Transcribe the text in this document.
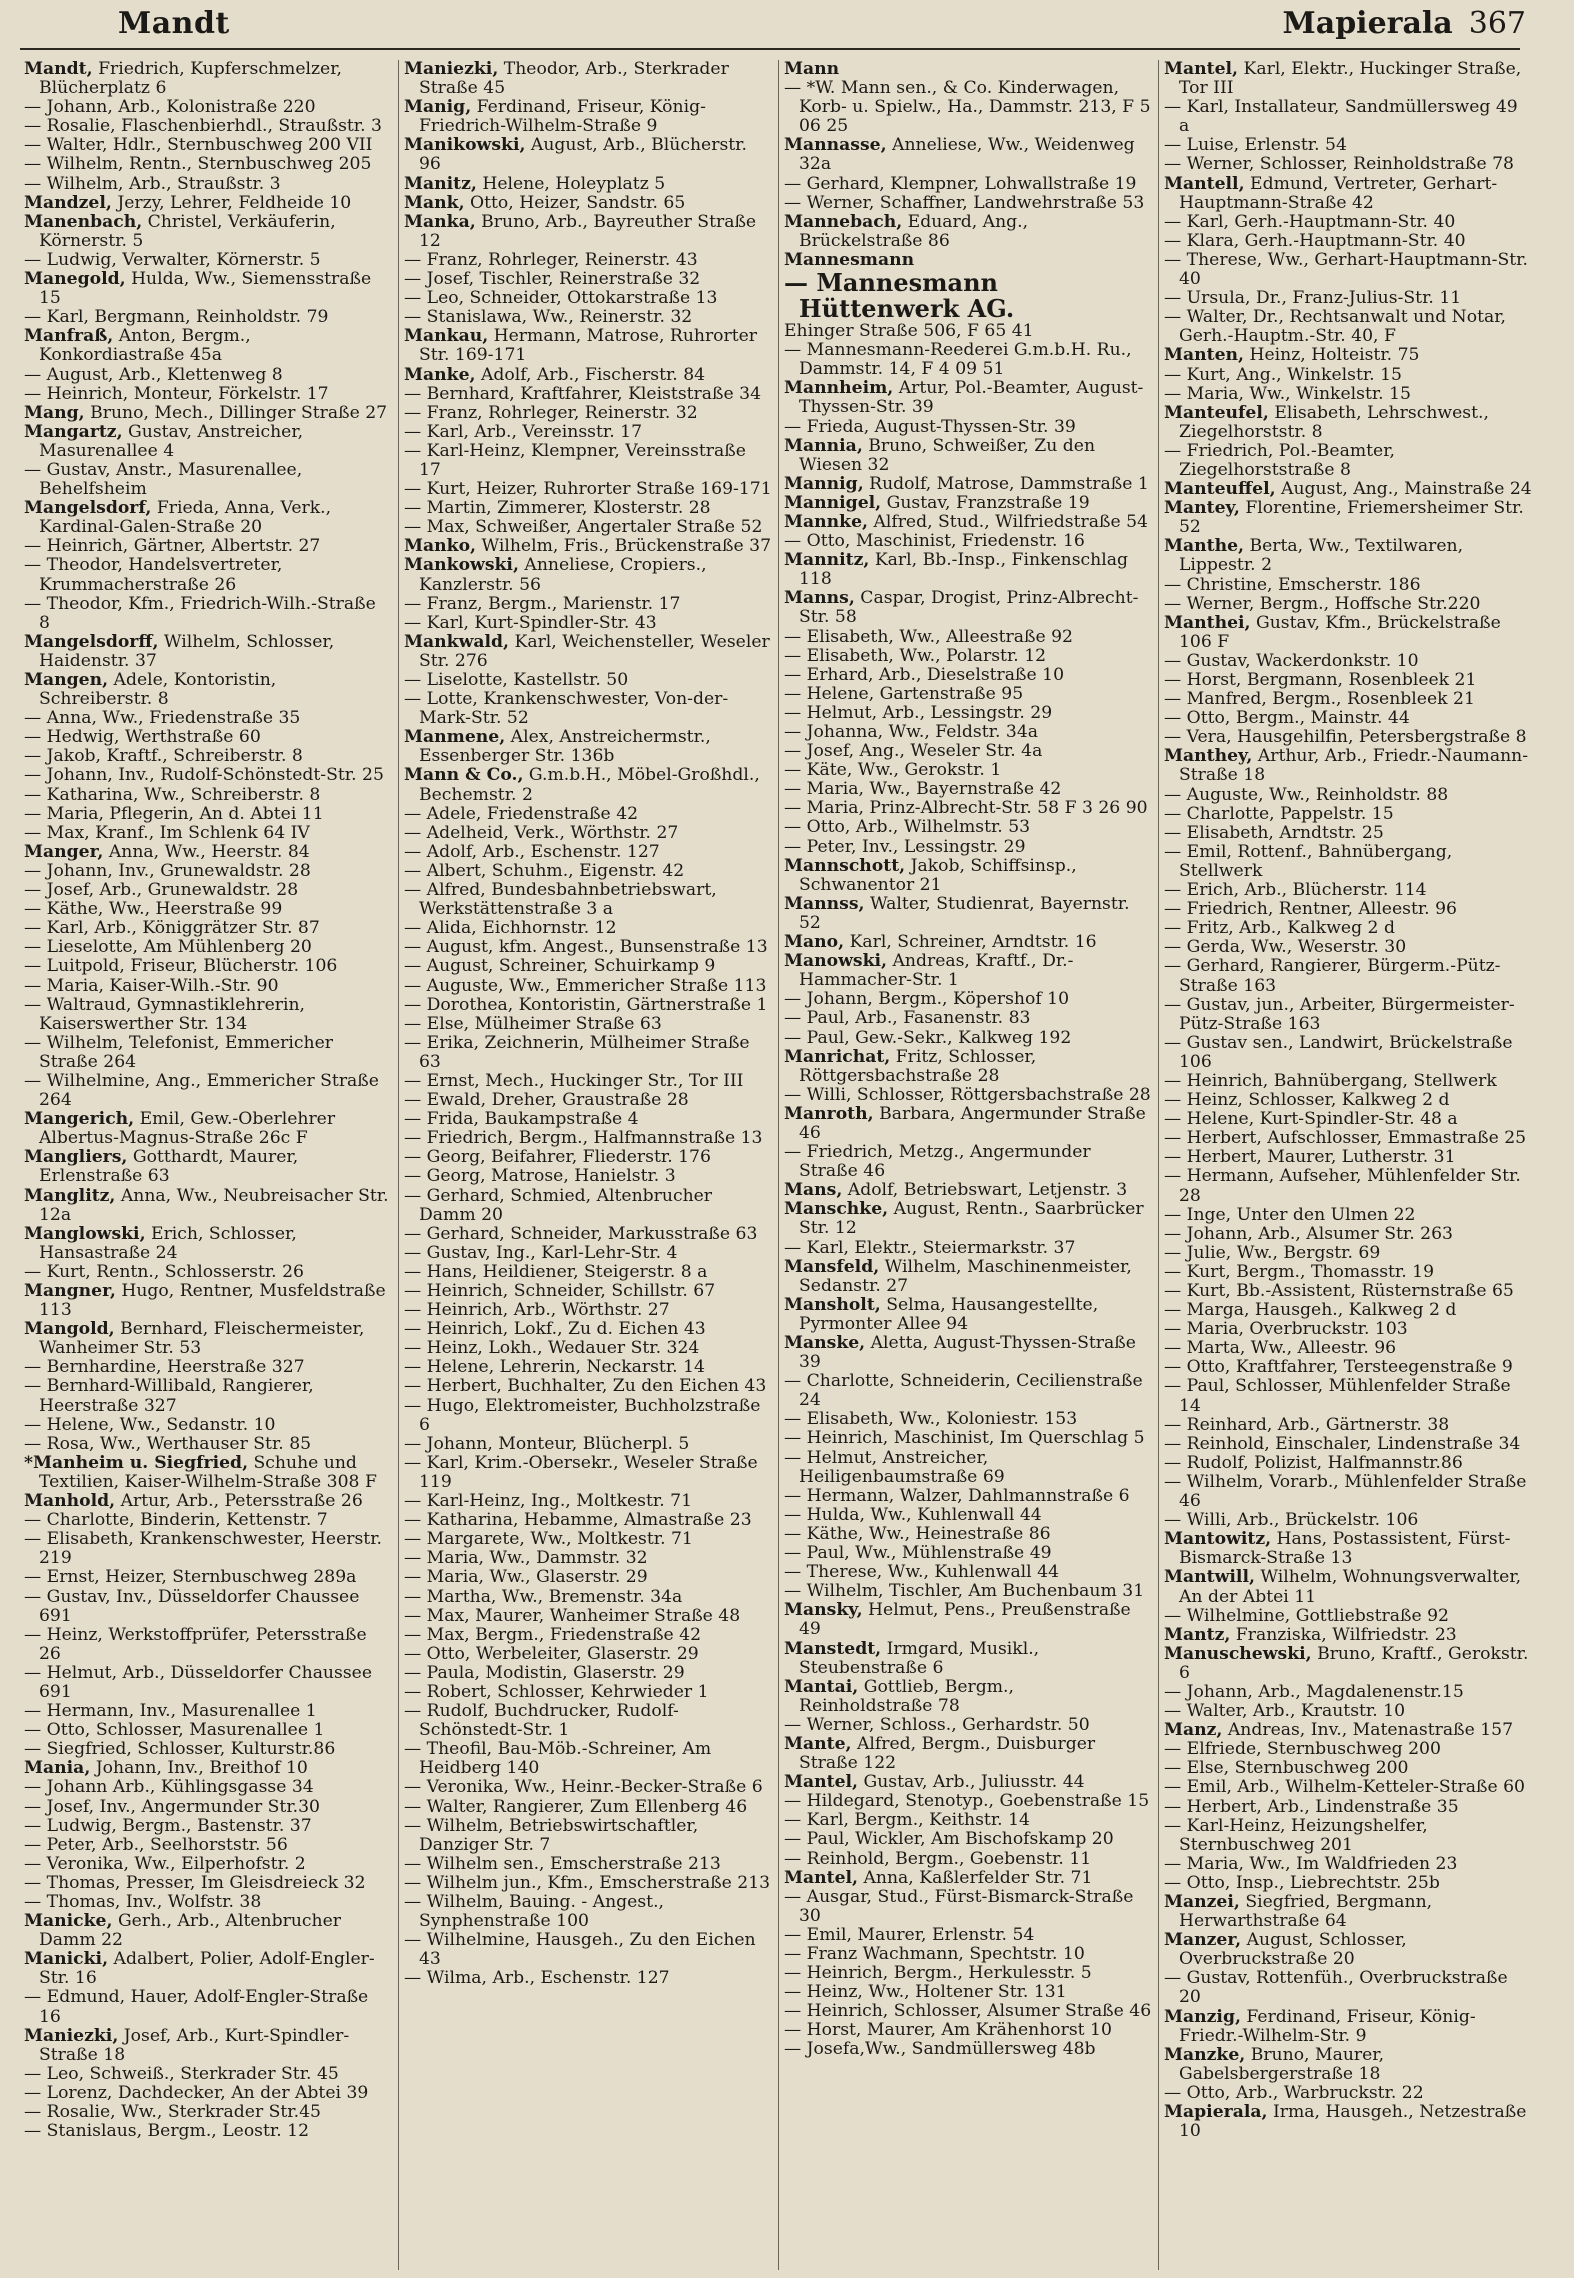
Mandt	Mapierala 367
Mandt, Friedrich, Kupferschmelzer, Blücherplatz 6
— Johann, Arb., Kolonistraße 220
— Rosalie, Flaschenbierhdl., Straußstr. 3
— Walter, Hdlr., Sternbuschweg 200 VII
— Wilhelm, Rentn., Sternbuschweg 205
— Wilhelm, Arb., Straußstr. 3
Mandzel, Jerzy, Lehrer, Feldheide 10
Manenbach, Christel, Verkäuferin, Körnerstr. 5
— Ludwig, Verwalter, Körnerstr. 5
Manegold, Hulda, Ww., Siemensstraße 15
— Karl, Bergmann, Reinholdstr. 79
Manfraß, Anton, Bergm., Konkordiastraße 45a
— August, Arb., Klettenweg 8
— Heinrich, Monteur, Förkelstr. 17
Mang, Bruno, Mech., Dillinger Straße 27
Mangartz, Gustav, Anstreicher, Masurenallee 4
— Gustav, Anstr., Masurenallee, Behelfsheim
Mangelsdorf, Frieda, Anna, Verk., Kardinal-Galen-Straße 20
— Heinrich, Gärtner, Albertstr. 27
— Theodor, Handelsvertreter, Krummacherstraße 26
— Theodor, Kfm., Friedrich-Wilh.-Straße 8
Mangelsdorff, Wilhelm, Schlosser, Haidenstr. 37
Mangen, Adele, Kontoristin, Schreiberstr. 8
— Anna, Ww., Friedenstraße 35
— Hedwig, Werthstraße 60
— Jakob, Kraftf., Schreiberstr. 8
— Johann, Inv., Rudolf-Schönstedt-Str. 25
— Katharina, Ww., Schreiberstr. 8
— Maria, Pflegerin, An d. Abtei 11
— Max, Kranf., Im Schlenk 64 IV
Manger, Anna, Ww., Heerstr. 84
— Johann, Inv., Grunewaldstr. 28
— Josef, Arb., Grunewaldstr. 28
— Käthe, Ww., Heerstraße 99
— Karl, Arb., Königgrätzer Str. 87
— Lieselotte, Am Mühlenberg 20
— Luitpold, Friseur, Blücherstr. 106
— Maria, Kaiser-Wilh.-Str. 90
— Waltraud, Gymnastiklehrerin, Kaiserswerther Str. 134
— Wilhelm, Telefonist, Emmericher Straße 264
— Wilhelmine, Ang., Emmericher Straße 264
Mangerich, Emil, Gew.-Oberlehrer Albertus-Magnus-Straße 26c F
Mangliers, Gotthardt, Maurer, Erlenstraße 63
Manglitz, Anna, Ww., Neubreisacher Str. 12a
Manglowski, Erich, Schlosser, Hansastraße 24
— Kurt, Rentn., Schlosserstr. 26
Mangner, Hugo, Rentner, Musfeldstraße 113
Mangold, Bernhard, Fleischermeister, Wanheimer Str. 53
— Bernhardine, Heerstraße 327
— Bernhard-Willibald, Rangierer, Heerstraße 327
— Helene, Ww., Sedanstr. 10
— Rosa, Ww., Werthauser Str. 85
*Manheim u. Siegfried, Schuhe und Textilien, Kaiser-Wilhelm-Straße 308 F
Manhold, Artur, Arb., Petersstraße 26
— Charlotte, Binderin, Kettenstr. 7
— Elisabeth, Krankenschwester, Heerstr. 219
— Ernst, Heizer, Sternbuschweg 289a
— Gustav, Inv., Düsseldorfer Chaussee 691
— Heinz, Werkstoffprüfer, Petersstraße 26
— Helmut, Arb., Düsseldorfer Chaussee 691
— Hermann, Inv., Masurenallee 1
— Otto, Schlosser, Masurenallee 1
— Siegfried, Schlosser, Kulturstr.86
Mania, Johann, Inv., Breithof 10
— Johann Arb., Kühlingsgasse 34
— Josef, Inv., Angermunder Str.30
— Ludwig, Bergm., Bastenstr. 37
— Peter, Arb., Seelhorststr. 56
— Veronika, Ww., Eilperhofstr. 2
— Thomas, Presser, Im Gleisdreieck 32
— Thomas, Inv., Wolfstr. 38
Manicke, Gerh., Arb., Altenbrucher Damm 22
Manicki, Adalbert, Polier, Adolf-Engler-Str. 16
— Edmund, Hauer, Adolf-Engler-Straße 16
Maniezki, Josef, Arb., Kurt-Spindler-Straße 18
— Leo, Schweiß., Sterkrader Str. 45
— Lorenz, Dachdecker, An der Abtei 39
— Rosalie, Ww., Sterkrader Str.45
— Stanislaus, Bergm., Leostr. 12
Maniezki, Theodor, Arb., Sterkrader Straße 45
Manig, Ferdinand, Friseur, König-Friedrich-Wilhelm-Straße 9
Manikowski, August, Arb., Blücherstr. 96
Manitz, Helene, Holeyplatz 5
Mank, Otto, Heizer, Sandstr. 65
Manka, Bruno, Arb., Bayreuther Straße 12
— Franz, Rohrleger, Reinerstr. 43
— Josef, Tischler, Reinerstraße 32
— Leo, Schneider, Ottokarstraße 13
— Stanislawa, Ww., Reinerstr. 32
Mankau, Hermann, Matrose, Ruhrorter Str. 169-171
Manke, Adolf, Arb., Fischerstr. 84
— Bernhard, Kraftfahrer, Kleiststraße 34
— Franz, Rohrleger, Reinerstr. 32
— Karl, Arb., Vereinsstr. 17
— Karl-Heinz, Klempner, Vereinsstraße 17
— Kurt, Heizer, Ruhrorter Straße 169-171
— Martin, Zimmerer, Klosterstr. 28
— Max, Schweißer, Angertaler Straße 52
Manko, Wilhelm, Fris., Brückenstraße 37
Mankowski, Anneliese, Cropiers., Kanzlerstr. 56
— Franz, Bergm., Marienstr. 17
— Karl, Kurt-Spindler-Str. 43
Mankwald, Karl, Weichensteller, Weseler Str. 276
— Liselotte, Kastellstr. 50
— Lotte, Krankenschwester, Von-der-Mark-Str. 52
Manmene, Alex, Anstreichermstr., Essenberger Str. 136b
Mann & Co., G.m.b.H., Möbel-Großhdl., Bechemstr. 2
— Adele, Friedenstraße 42
— Adelheid, Verk., Wörthstr. 27
— Adolf, Arb., Eschenstr. 127
— Albert, Schuhm., Eigenstr. 42
— Alfred, Bundesbahnbetriebswart, Werkstättenstraße 3 a
— Alida, Eichhornstr. 12
— August, kfm. Angest., Bunsenstraße 13
— August, Schreiner, Schuirkamp 9
— Auguste, Ww., Emmericher Straße 113
— Dorothea, Kontoristin, Gärtnerstraße 1
— Else, Mülheimer Straße 63
— Erika, Zeichnerin, Mülheimer Straße 63
— Ernst, Mech., Huckinger Str., Tor III
— Ewald, Dreher, Graustraße 28
— Frida, Baukampstraße 4
— Friedrich, Bergm., Halfmannstraße 13
— Georg, Beifahrer, Fliederstr. 176
— Georg, Matrose, Hanielstr. 3
— Gerhard, Schmied, Altenbrucher Damm 20
— Gerhard, Schneider, Markusstraße 63
— Gustav, Ing., Karl-Lehr-Str. 4
— Hans, Heildiener, Steigerstr. 8 a
— Heinrich, Schneider, Schillstr. 67
— Heinrich, Arb., Wörthstr. 27
— Heinrich, Lokf., Zu d. Eichen 43
— Heinz, Lokh., Wedauer Str. 324
— Helene, Lehrerin, Neckarstr. 14
— Herbert, Buchhalter, Zu den Eichen 43
— Hugo, Elektromeister, Buchholzstraße 6
— Johann, Monteur, Blücherpl. 5
— Karl, Krim.-Obersekr., Weseler Straße 119
— Karl-Heinz, Ing., Moltkestr. 71
— Katharina, Hebamme, Almastraße 23
— Margarete, Ww., Moltkestr. 71
— Maria, Ww., Dammstr. 32
— Maria, Ww., Glaserstr. 29
— Martha, Ww., Bremenstr. 34a
— Max, Maurer, Wanheimer Straße 48
— Max, Bergm., Friedenstraße 42
— Otto, Werbeleiter, Glaserstr. 29
— Paula, Modistin, Glaserstr. 29
— Robert, Schlosser, Kehrwieder 1
— Rudolf, Buchdrucker, Rudolf-Schönstedt-Str. 1
— Theofil, Bau-Möb.-Schreiner, Am Heidberg 140
— Veronika, Ww., Heinr.-Becker-Straße 6
— Walter, Rangierer, Zum Ellenberg 46
— Wilhelm, Betriebswirtschaftler, Danziger Str. 7
— Wilhelm sen., Emscherstraße 213
— Wilhelm jun., Kfm., Emscherstraße 213
— Wilhelm, Bauing. - Angest., Synphenstraße 100
— Wilhelmine, Hausgeh., Zu den Eichen 43
— Wilma, Arb., Eschenstr. 127
Mann
— *W. Mann sen., & Co. Kinderwagen, Korb- u. Spielw., Ha., Dammstr. 213, F 5 06 25
Mannasse, Anneliese, Ww., Weidenweg 32a
— Gerhard, Klempner, Lohwallstraße 19
— Werner, Schaffner, Landwehrstraße 53
Mannebach, Eduard, Ang., Brückelstraße 86
Mannesmann
— Mannesmann Hüttenwerk AG.
Ehinger Straße 506, F 65 41
— Mannesmann-Reederei G.m.b.H. Ru., Dammstr. 14, F 4 09 51
Mannheim, Artur, Pol.-Beamter, August-Thyssen-Str. 39
— Frieda, August-Thyssen-Str. 39
Mannia, Bruno, Schweißer, Zu den Wiesen 32
Mannig, Rudolf, Matrose, Dammstraße 1
Mannigel, Gustav, Franzstraße 19
Mannke, Alfred, Stud., Wilfriedstraße 54
— Otto, Maschinist, Friedenstr. 16
Mannitz, Karl, Bb.-Insp., Finkenschlag 118
Manns, Caspar, Drogist, Prinz-Albrecht-Str. 58
— Elisabeth, Ww., Alleestraße 92
— Elisabeth, Ww., Polarstr. 12
— Erhard, Arb., Dieselstraße 10
— Helene, Gartenstraße 95
— Helmut, Arb., Lessingstr. 29
— Johanna, Ww., Feldstr. 34a
— Josef, Ang., Weseler Str. 4a
— Käte, Ww., Gerokstr. 1
— Maria, Ww., Bayernstraße 42
— Maria, Prinz-Albrecht-Str. 58 F 3 26 90
— Otto, Arb., Wilhelmstr. 53
— Peter, Inv., Lessingstr. 29
Mannschott, Jakob, Schiffsinsp., Schwanentor 21
Mannss, Walter, Studienrat, Bayernstr. 52
Mano, Karl, Schreiner, Arndtstr. 16
Manowski, Andreas, Kraftf., Dr.-Hammacher-Str. 1
— Johann, Bergm., Köpershof 10
— Paul, Arb., Fasanenstr. 83
— Paul, Gew.-Sekr., Kalkweg 192
Manrichat, Fritz, Schlosser, Röttgersbachstraße 28
— Willi, Schlosser, Röttgersbachstraße 28
Manroth, Barbara, Angermunder Straße 46
— Friedrich, Metzg., Angermunder Straße 46
Mans, Adolf, Betriebswart, Letjenstr. 3
Manschke, August, Rentn., Saarbrücker Str. 12
— Karl, Elektr., Steiermarkstr. 37
Mansfeld, Wilhelm, Maschinenmeister, Sedanstr. 27
Mansholt, Selma, Hausangestellte, Pyrmonter Allee 94
Manske, Aletta, August-Thyssen-Straße 39
— Charlotte, Schneiderin, Cecilienstraße 24
— Elisabeth, Ww., Koloniestr. 153
— Heinrich, Maschinist, Im Querschlag 5
— Helmut, Anstreicher, Heiligenbaumstraße 69
— Hermann, Walzer, Dahlmannstraße 6
— Hulda, Ww., Kuhlenwall 44
— Käthe, Ww., Heinestraße 86
— Paul, Ww., Mühlenstraße 49
— Therese, Ww., Kuhlenwall 44
— Wilhelm, Tischler, Am Buchenbaum 31
Mansky, Helmut, Pens., Preußenstraße 49
Manstedt, Irmgard, Musikl., Steubenstraße 6
Mantai, Gottlieb, Bergm., Reinholdstraße 78
— Werner, Schloss., Gerhardstr. 50
Mante, Alfred, Bergm., Duisburger Straße 122
Mantel, Gustav, Arb., Juliusstr. 44
— Hildegard, Stenotyp., Goebenstraße 15
— Karl, Bergm., Keithstr. 14
— Paul, Wickler, Am Bischofskamp 20
— Reinhold, Bergm., Goebenstr. 11
Mantel, Anna, Kaßlerfelder Str. 71
— Ausgar, Stud., Fürst-Bismarck-Straße 30
— Emil, Maurer, Erlenstr. 54
— Franz Wachmann, Spechtstr. 10
— Heinrich, Bergm., Herkulesstr. 5
— Heinz, Ww., Holtener Str. 131
— Heinrich, Schlosser, Alsumer Straße 46
— Horst, Maurer, Am Krähenhorst 10
— Josefa,Ww., Sandmüllersweg 48b
Mantel, Karl, Elektr., Huckinger Straße, Tor III
— Karl, Installateur, Sandmüllersweg 49 a
— Luise, Erlenstr. 54
— Werner, Schlosser, Reinholdstraße 78
Mantell, Edmund, Vertreter, Gerhart-Hauptmann-Straße 42
— Karl, Gerh.-Hauptmann-Str. 40
— Klara, Gerh.-Hauptmann-Str. 40
— Therese, Ww., Gerhart-Hauptmann-Str. 40
— Ursula, Dr., Franz-Julius-Str. 11
— Walter, Dr., Rechtsanwalt und Notar, Gerh.-Hauptm.-Str. 40, F
Manten, Heinz, Holteistr. 75
— Kurt, Ang., Winkelstr. 15
— Maria, Ww., Winkelstr. 15
Manteufel, Elisabeth, Lehrschwest., Ziegelhorststr. 8
— Friedrich, Pol.-Beamter, Ziegelhorststraße 8
Manteuffel, August, Ang., Mainstraße 24
Mantey, Florentine, Friemersheimer Str. 52
Manthe, Berta, Ww., Textilwaren, Lippestr. 2
— Christine, Emscherstr. 186
— Werner, Bergm., Hoffsche Str.220
Manthei, Gustav, Kfm., Brückelstraße 106 F
— Gustav, Wackerdonkstr. 10
— Horst, Bergmann, Rosenbleek 21
— Manfred, Bergm., Rosenbleek 21
— Otto, Bergm., Mainstr. 44
— Vera, Hausgehilfin, Petersbergstraße 8
Manthey, Arthur, Arb., Friedr.-Naumann-Straße 18
— Auguste, Ww., Reinholdstr. 88
— Charlotte, Pappelstr. 15
— Elisabeth, Arndtstr. 25
— Emil, Rottenf., Bahnübergang, Stellwerk
— Erich, Arb., Blücherstr. 114
— Friedrich, Rentner, Alleestr. 96
— Fritz, Arb., Kalkweg 2 d
— Gerda, Ww., Weserstr. 30
— Gerhard, Rangierer, Bürgerm.-Pütz-Straße 163
— Gustav, jun., Arbeiter, Bürgermeister-Pütz-Straße 163
— Gustav sen., Landwirt, Brückelstraße 106
— Heinrich, Bahnübergang, Stellwerk
— Heinz, Schlosser, Kalkweg 2 d
— Helene, Kurt-Spindler-Str. 48 a
— Herbert, Aufschlosser, Emmastraße 25
— Herbert, Maurer, Lutherstr. 31
— Hermann, Aufseher, Mühlenfelder Str. 28
— Inge, Unter den Ulmen 22
— Johann, Arb., Alsumer Str. 263
— Julie, Ww., Bergstr. 69
— Kurt, Bergm., Thomasstr. 19
— Kurt, Bb.-Assistent, Rüsternstraße 65
— Marga, Hausgeh., Kalkweg 2 d
— Maria, Overbruckstr. 103
— Marta, Ww., Alleestr. 96
— Otto, Kraftfahrer, Tersteegenstraße 9
— Paul, Schlosser, Mühlenfelder Straße 14
— Reinhard, Arb., Gärtnerstr. 38
— Reinhold, Einschaler, Lindenstraße 34
— Rudolf, Polizist, Halfmannstr.86
— Wilhelm, Vorarb., Mühlenfelder Straße 46
— Willi, Arb., Brückelstr. 106
Mantowitz, Hans, Postassistent, Fürst-Bismarck-Straße 13
Mantwill, Wilhelm, Wohnungsverwalter, An der Abtei 11
— Wilhelmine, Gottliebstraße 92
Mantz, Franziska, Wilfriedstr. 23
Manuschewski, Bruno, Kraftf., Gerokstr. 6
— Johann, Arb., Magdalenenstr.15
— Walter, Arb., Krautstr. 10
Manz, Andreas, Inv., Matenastraße 157
— Elfriede, Sternbuschweg 200
— Else, Sternbuschweg 200
— Emil, Arb., Wilhelm-Ketteler-Straße 60
— Herbert, Arb., Lindenstraße 35
— Karl-Heinz, Heizungshelfer, Sternbuschweg 201
— Maria, Ww., Im Waldfrieden 23
— Otto, Insp., Liebrechtstr. 25b
Manzei, Siegfried, Bergmann, Herwarthstraße 64
Manzer, August, Schlosser, Overbruckstraße 20
— Gustav, Rottenfüh., Overbruckstraße 20
Manzig, Ferdinand, Friseur, König-Friedr.-Wilhelm-Str. 9
Manzke, Bruno, Maurer, Gabelsbergerstraße 18
— Otto, Arb., Warbruckstr. 22
Mapierala, Irma, Hausgeh., Netzestraße 10
